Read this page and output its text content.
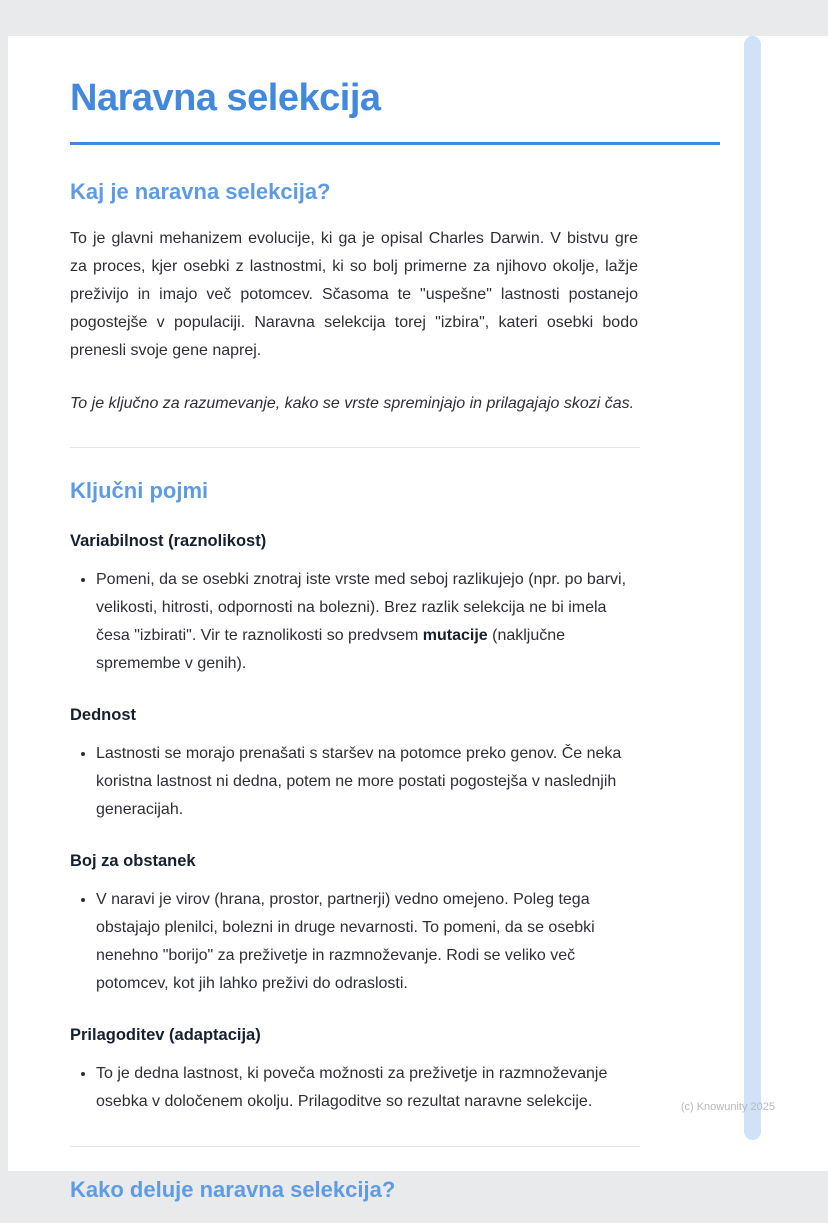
Naravna selekcija
Kaj je naravna selekcija?

To je glavni mehanizem evolucije, ki ga je opisal Charles Darwin. V bistvu gre za proces, kjer osebki z lastnostmi, ki so bolj primerne za njihovo okolje, lažje preživijo in imajo več potomcev. Sčasoma te "uspešne" lastnosti postanejo pogostejše v populaciji. Naravna selekcija torej "izbira", kateri osebki bodo prenesli svoje gene naprej.

To je ključno za razumevanje, kako se vrste spreminjajo in prilagajajo skozi čas.

Ključni pojmi
Variabilnost (raznolikost)
• Pomeni, da se osebki znotraj iste vrste med seboj razlikujejo (npr. po barvi, velikosti, hitrosti, odpornosti na bolezni). Brez razlik selekcija ne bi imela česa "izbirati". Vir te raznolikosti so predvsem mutacije (naključne spremembe v genih).
Dednost
• Lastnosti se morajo prenašati s staršev na potomce preko genov. Če neka koristna lastnost ni dedna, potem ne more postati pogostejša v naslednjih generacijah.
Boj za obstanek
• V naravi je virov (hrana, prostor, partnerji) vedno omejeno. Poleg tega obstajajo plenilci, bolezni in druge nevarnosti. To pomeni, da se osebki nenehno "borijo" za preživetje in razmnoževanje. Rodi se veliko več potomcev, kot jih lahko preživi do odraslosti.
Prilagoditev (adaptacija)
• To je dedna lastnost, ki poveča možnosti za preživetje in razmnoževanje osebka v določenem okolju. Prilagoditve so rezultat naravne selekcije.
Kako deluje naravna selekcija?
(c) Knowunity 2025
